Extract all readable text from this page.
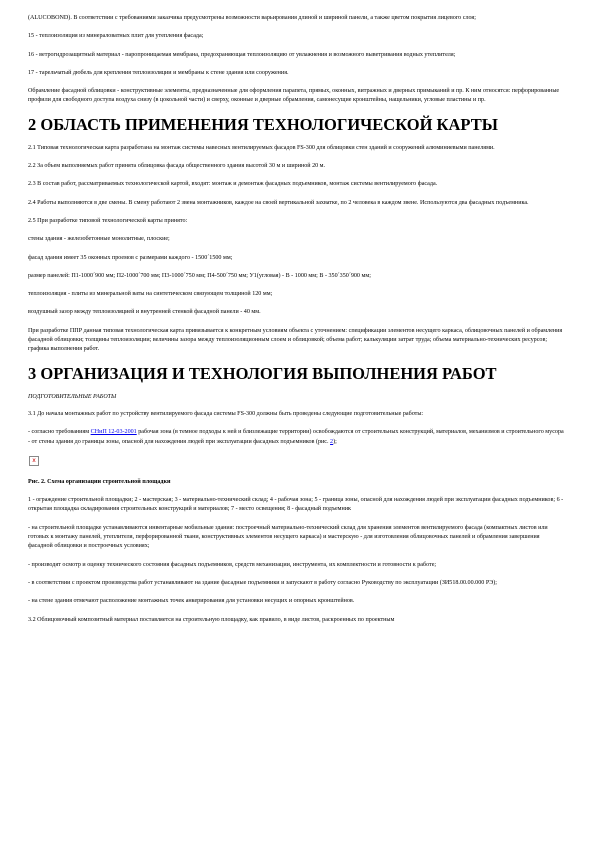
(ALUCOBOND). В соответствии с требованиями заказчика предусмотрены возможности варьирования длиной и шириной панели, а также цветом покрытия лицевого слоя;

15 - теплоизоляция из минераловатных плит для утепления фасада;

16 - ветрогидрозащитный материал - паропроницаемая мембрана, предохраняющая теплоизоляцию от увлажнения и возможного выветривания водных утеплителя;

17 - тарельчатый дюбель для крепления теплоизоляции и мембраны к стене здания или сооружения.

Обрамление фасадной облицовки - конструктивные элементы, предназначенные для оформления парапета, прямых, оконных, витражных и дверных примыканий и пр. К ним относятся: перфорированные профили для свободного доступа воздуха снизу (в цокольной части) и сверху, оконные и дверные обрамления, самонесущие кронштейны, нащельники, угловые пластины и пр.

2 ОБЛАСТЬ ПРИМЕНЕНИЯ ТЕХНОЛОГИЧЕСКОЙ КАРТЫ

2.1 Типовая технологическая карта разработана на монтаж системы навесных вентилируемых фасадов FS-300 для облицовки стен зданий и сооружений алюминиевыми панелями.

2.2 За объем выполняемых работ принята облицовка фасада общественного здания высотой 30 м и шириной 20 м.

2.3 В состав работ, рассматриваемых технологической картой, входят: монтаж и демонтаж фасадных подъемников, монтаж системы вентилируемого фасада.

2.4 Работы выполняются в две смены. В смену работают 2 звена монтажников, каждое на своей вертикальной захватке, по 2 человека в каждом звене. Используются два фасадных подъемника.

2.5 При разработке типовой технологической карты принято:

стены здания - железобетонные монолитные, плоские;

фасад здания имеет 35 оконных проемов с размерами каждого - 1500´1500 мм;

размер панелей: П1-1000´900 мм; П2-1000´700 мм; П3-1000´750 мм; П4-500´750 мм; У1(угловая) - В - 1000 мм; В - 350´350´900 мм;

теплоизоляция - плиты из минеральной ваты на синтетическом связующем толщиной 120 мм;

воздушный зазор между теплоизоляцией и внутренней стенкой фасадной панели - 40 мм.

При разработке ППР данная типовая технологическая карта привязывается к конкретным условиям объекта с уточнением: спецификации элементов несущего каркаса, облицовочных панелей и обрамления фасадной облицовки; толщины теплоизоляции; величины зазора между теплоизоляционным слоем и облицовкой; объема работ; калькуляции затрат труда; объема материально-технических ресурсов; графика выполнения работ.

3 ОРГАНИЗАЦИЯ И ТЕХНОЛОГИЯ ВЫПОЛНЕНИЯ РАБОТ

ПОДГОТОВИТЕЛЬНЫЕ РАБОТЫ

3.1 До начала монтажных работ по устройству вентилируемого фасада системы FS-300 должны быть проведены следующие подготовительные работы:

- согласно требованиям СНиП 12-03-2001 рабочая зона (в темное подходы к ней и близлежащие территории) освобождаются от строительных конструкций, материалов, механизмов и строительного мусора - от стены здания до границы зоны, опасной для нахождения людей при эксплуатации фасадных подъемников (рис. 2);

x

Рис. 2. Схема организации строительной площадки

1 - ограждение строительной площадки; 2 - мастерская; 3 - материально-технический склад; 4 - рабочая зона; 5 - граница зоны, опасной для нахождения людей при эксплуатации фасадных подъемников; 6 - открытая площадка складирования строительных конструкций и материалов; 7 - место освещения; 8 - фасадный подъемник

- на строительной площадке устанавливаются инвентарные мобильные здания: построечный материально-технический склад для хранения элементов вентилируемого фасада (компактных листов или готовых к монтажу панелей, утеплителя, перфорированной ткани, конструктивных элементов несущего каркаса) и мастерскую - для изготовления облицовочных панелей и обрамления завершения фасадной облицовки и построечных условиях;

- производят осмотр и оценку технического состояния фасадных подъемников, средств механизации, инструмента, их комплектности и готовности к работе;

- в соответствии с проектом производства работ устанавливают на здание фасадные подъемники и запускают в работу согласно Руководству по эксплуатации (ЗИ518.00.00.000 РЭ);

- на стене здания отмечают расположение монтажных точек анкерирования для установки несущих и опорных кронштейнов.

3.2 Облицовочный композитный материал поставляется на строительную площадку, как правило, в виде листов, раскроенных по проектным
